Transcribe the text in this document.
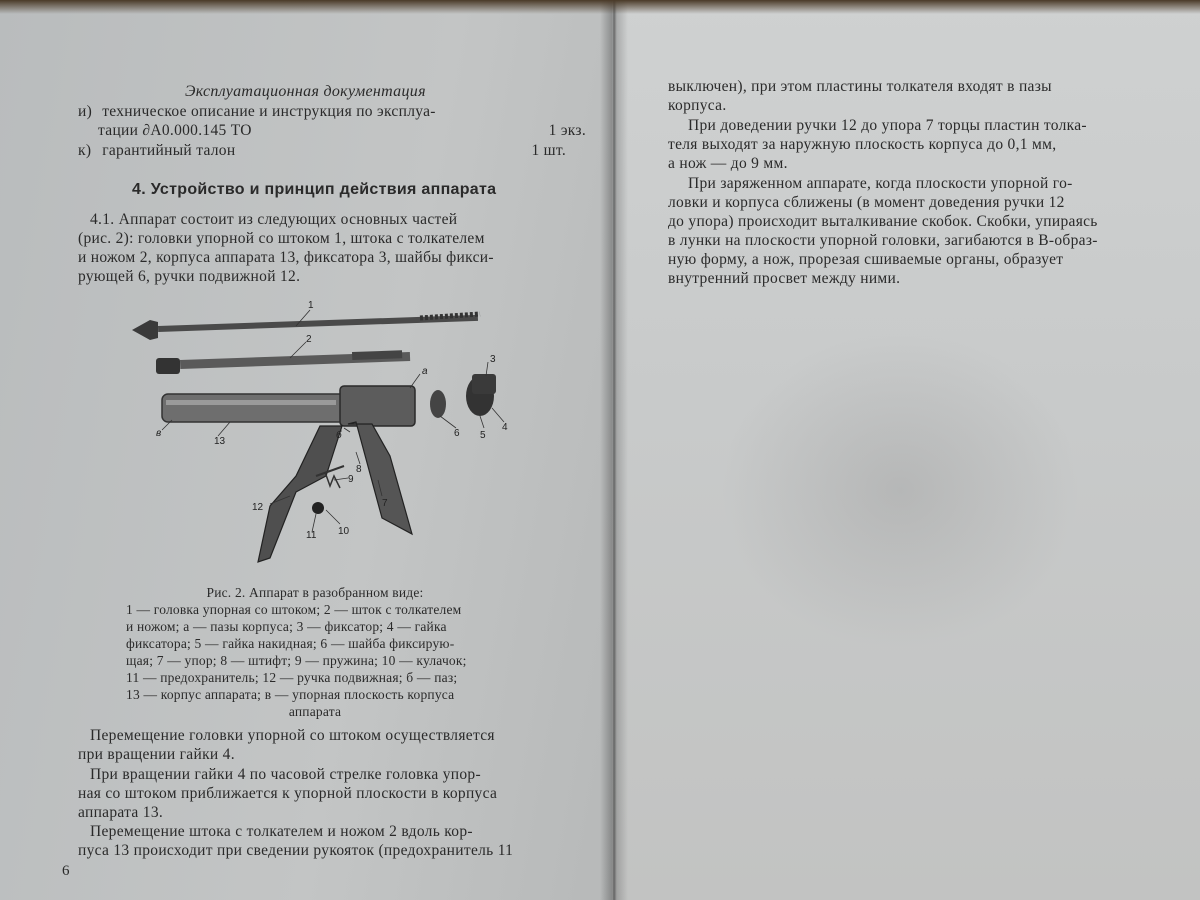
Эксплуатационная документация
и) техническое описание и инструкция по эксплуа-
тации ∂А0.000.145 ТО	1 экз.
к) гарантийный талон	1 шт.
4. Устройство и принцип действия аппарата
4.1. Аппарат состоит из следующих основных частей
(рис. 2): головки упорной со штоком 1, штока с толкателем
и ножом 2, корпуса аппарата 13, фиксатора 3, шайбы фикси-
рующей 6, ручки подвижной 12.
1
2
3
а
в
13
б
8
9
6 5
4
7
12
11 10
Рис. 2. Аппарат в разобранном виде:
1 — головка упорная со штоком; 2 — шток с толкателем
и ножом; а — пазы корпуса; 3 — фиксатор; 4 — гайка
фиксатора; 5 — гайка накидная; 6 — шайба фиксирую-
щая; 7 — упор; 8 — штифт; 9 — пружина; 10 — кулачок;
11 — предохранитель; 12 — ручка подвижная; б — паз;
13 — корпус аппарата; в — упорная плоскость корпуса
аппарата
Перемещение головки упорной со штоком осуществляется
при вращении гайки 4.
При вращении гайки 4 по часовой стрелке головка упор-
ная со штоком приближается к упорной плоскости в корпуса
аппарата 13.
Перемещение штока с толкателем и ножом 2 вдоль кор-
пуса 13 происходит при сведении рукояток (предохранитель 11
6
выключен), при этом пластины толкателя входят в пазы
корпуса.
При доведении ручки 12 до упора 7 торцы пластин толка-
теля выходят за наружную плоскость корпуса до 0,1 мм,
а нож — до 9 мм.
При заряженном аппарате, когда плоскости упорной го-
ловки и корпуса сближены (в момент доведения ручки 12
до упора) происходит выталкивание скобок. Скобки, упираясь
в лунки на плоскости упорной головки, загибаются в В-образ-
ную форму, а нож, прорезая сшиваемые органы, образует
внутренний просвет между ними.
